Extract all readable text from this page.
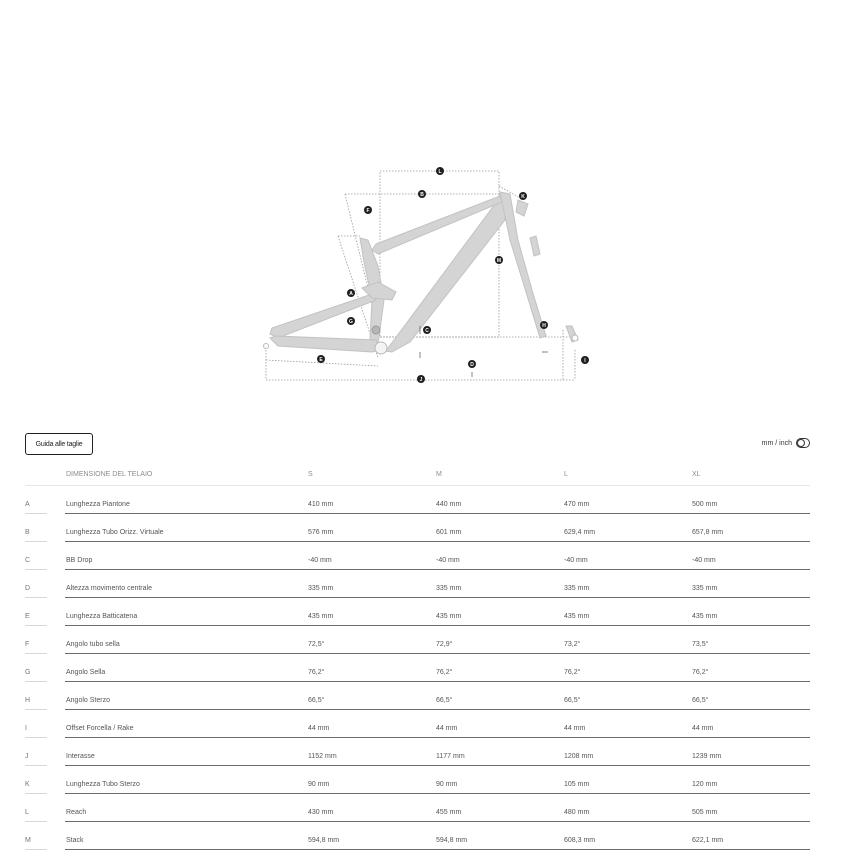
A
B
C
D
E
F
G
H
I
J
K
L
M
Guida alle taglie	mm / inch
DIMENSIONE DEL TELAIO	S	M	L	XL
A	Lunghezza Piantone	410 mm	440 mm	470 mm	500 mm
B	Lunghezza Tubo Orizz. Virtuale	576 mm	601 mm	629,4 mm	657,8 mm
C	BB Drop	-40 mm	-40 mm	-40 mm	-40 mm
D	Altezza movimento centrale	335 mm	335 mm	335 mm	335 mm
E	Lunghezza Batticatena	435 mm	435 mm	435 mm	435 mm
F	Angolo tubo sella	72,5°	72,9°	73,2°	73,5°
G	Angolo Sella	76,2°	76,2°	76,2°	76,2°
H	Angolo Sterzo	66,5°	66,5°	66,5°	66,5°
I	Offset Forcella / Rake	44 mm	44 mm	44 mm	44 mm
J	Interasse	1152 mm	1177 mm	1208 mm	1239 mm
K	Lunghezza Tubo Sterzo	90 mm	90 mm	105 mm	120 mm
L	Reach	430 mm	455 mm	480 mm	505 mm
M	Stack	594,8 mm	594,8 mm	608,3 mm	622,1 mm
